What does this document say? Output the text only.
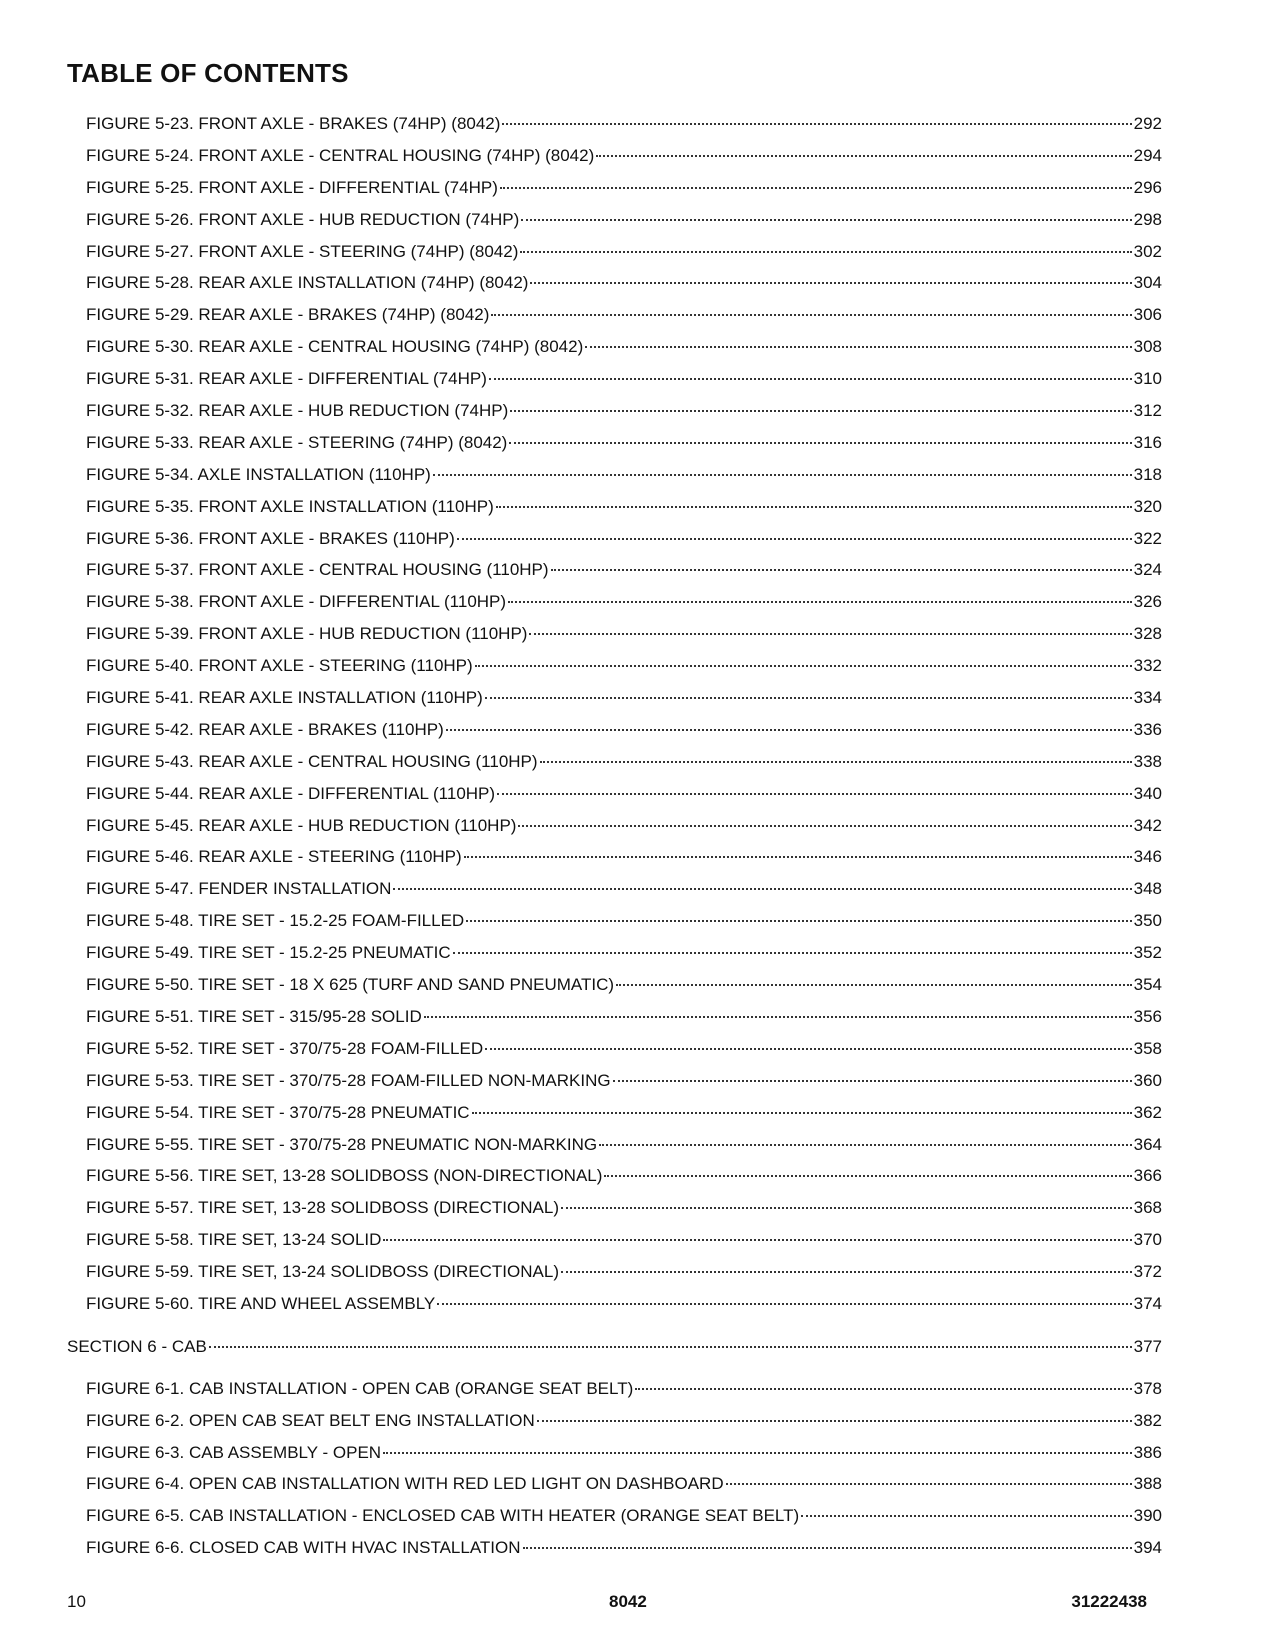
TABLE OF CONTENTS
FIGURE 5-23. FRONT AXLE - BRAKES (74HP) (8042)	292
FIGURE 5-24. FRONT AXLE - CENTRAL HOUSING (74HP) (8042)	294
FIGURE 5-25. FRONT AXLE - DIFFERENTIAL (74HP)	296
FIGURE 5-26. FRONT AXLE - HUB REDUCTION (74HP)	298
FIGURE 5-27. FRONT AXLE - STEERING (74HP) (8042)	302
FIGURE 5-28. REAR AXLE INSTALLATION (74HP) (8042)	304
FIGURE 5-29. REAR AXLE - BRAKES (74HP) (8042)	306
FIGURE 5-30. REAR AXLE - CENTRAL HOUSING (74HP) (8042)	308
FIGURE 5-31. REAR AXLE - DIFFERENTIAL (74HP)	310
FIGURE 5-32. REAR AXLE - HUB REDUCTION (74HP)	312
FIGURE 5-33. REAR AXLE - STEERING (74HP) (8042)	316
FIGURE 5-34. AXLE INSTALLATION (110HP)	318
FIGURE 5-35. FRONT AXLE INSTALLATION (110HP)	320
FIGURE 5-36. FRONT AXLE - BRAKES (110HP)	322
FIGURE 5-37. FRONT AXLE - CENTRAL HOUSING (110HP)	324
FIGURE 5-38. FRONT AXLE - DIFFERENTIAL (110HP)	326
FIGURE 5-39. FRONT AXLE - HUB REDUCTION (110HP)	328
FIGURE 5-40. FRONT AXLE - STEERING (110HP)	332
FIGURE 5-41. REAR AXLE INSTALLATION (110HP)	334
FIGURE 5-42. REAR AXLE - BRAKES (110HP)	336
FIGURE 5-43. REAR AXLE - CENTRAL HOUSING (110HP)	338
FIGURE 5-44. REAR AXLE - DIFFERENTIAL (110HP)	340
FIGURE 5-45. REAR AXLE - HUB REDUCTION (110HP)	342
FIGURE 5-46. REAR AXLE - STEERING (110HP)	346
FIGURE 5-47. FENDER INSTALLATION	348
FIGURE 5-48. TIRE SET - 15.2-25 FOAM-FILLED	350
FIGURE 5-49. TIRE SET - 15.2-25 PNEUMATIC	352
FIGURE 5-50. TIRE SET - 18 X 625 (TURF AND SAND PNEUMATIC)	354
FIGURE 5-51. TIRE SET - 315/95-28 SOLID	356
FIGURE 5-52. TIRE SET - 370/75-28 FOAM-FILLED	358
FIGURE 5-53. TIRE SET - 370/75-28 FOAM-FILLED NON-MARKING	360
FIGURE 5-54. TIRE SET - 370/75-28 PNEUMATIC	362
FIGURE 5-55. TIRE SET - 370/75-28 PNEUMATIC NON-MARKING	364
FIGURE 5-56. TIRE SET, 13-28 SOLIDBOSS (NON-DIRECTIONAL)	366
FIGURE 5-57. TIRE SET, 13-28 SOLIDBOSS (DIRECTIONAL)	368
FIGURE 5-58. TIRE SET, 13-24 SOLID	370
FIGURE 5-59. TIRE SET, 13-24 SOLIDBOSS (DIRECTIONAL)	372
FIGURE 5-60. TIRE AND WHEEL ASSEMBLY	374
SECTION 6 - CAB	377
FIGURE 6-1. CAB INSTALLATION - OPEN CAB (ORANGE SEAT BELT)	378
FIGURE 6-2. OPEN CAB SEAT BELT ENG INSTALLATION	382
FIGURE 6-3. CAB ASSEMBLY - OPEN	386
FIGURE 6-4. OPEN CAB INSTALLATION WITH RED LED LIGHT ON DASHBOARD	388
FIGURE 6-5. CAB INSTALLATION - ENCLOSED CAB WITH HEATER (ORANGE SEAT BELT)	390
FIGURE 6-6. CLOSED CAB WITH HVAC INSTALLATION	394
10	8042	31222438
